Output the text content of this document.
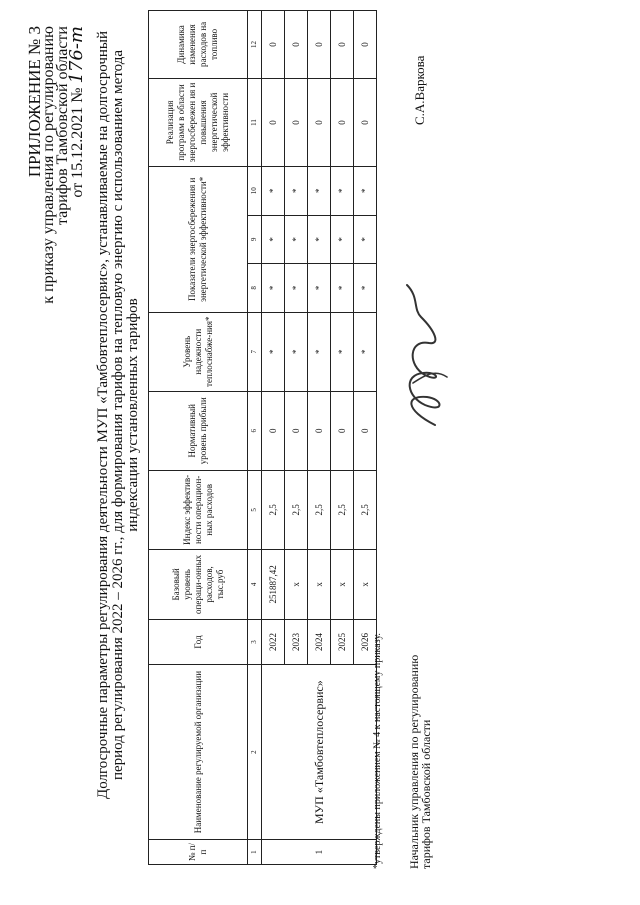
ПРИЛОЖЕНИЕ № 3
к приказу управления по регулированию
тарифов Тамбовской области
от 15.12.2021 № 176-т Долгосрочные параметры регулирования деятельности МУП «Тамбовтеплосервис», устанавливаемые на долгосрочный период регулирования 2022 – 2026 гг., для формирования тарифов на тепловую энергию с использованием метода индексации установленных тарифов
№ п/п	Наименование регулируемой организации	Год	Базовый уровень операци-онных расходов, тыс.руб	Индекс эффектив-ности операцион-ных расходов	Нормативный уровень прибыли	Уровень надежности теплоснабже-ния*	Показатели энергосбережения и энергетической эффективности*			Реализация программ в области энергосбережен ия и повышения энергетической эффективности	Динамика изменения расходов на топливо
1	2	3	4	5	6	7	8	9	10	11	12
1	МУП «Тамбовтеплосервис»	2022	251887,42	2,5	0	*	*	*	*	0	0
		2023	х	2,5	0	*	*	*	*	0	0
		2024	х	2,5	0	*	*	*	*	0	0
		2025	х	2,5	0	*	*	*	*	0	0
		2026	х	2,5	0	*	*	*	*	0	0
*утверждены приложением № 4 к настоящему приказу. Начальник управления по регулированию
тарифов Тамбовской области
С.А.Варкова
